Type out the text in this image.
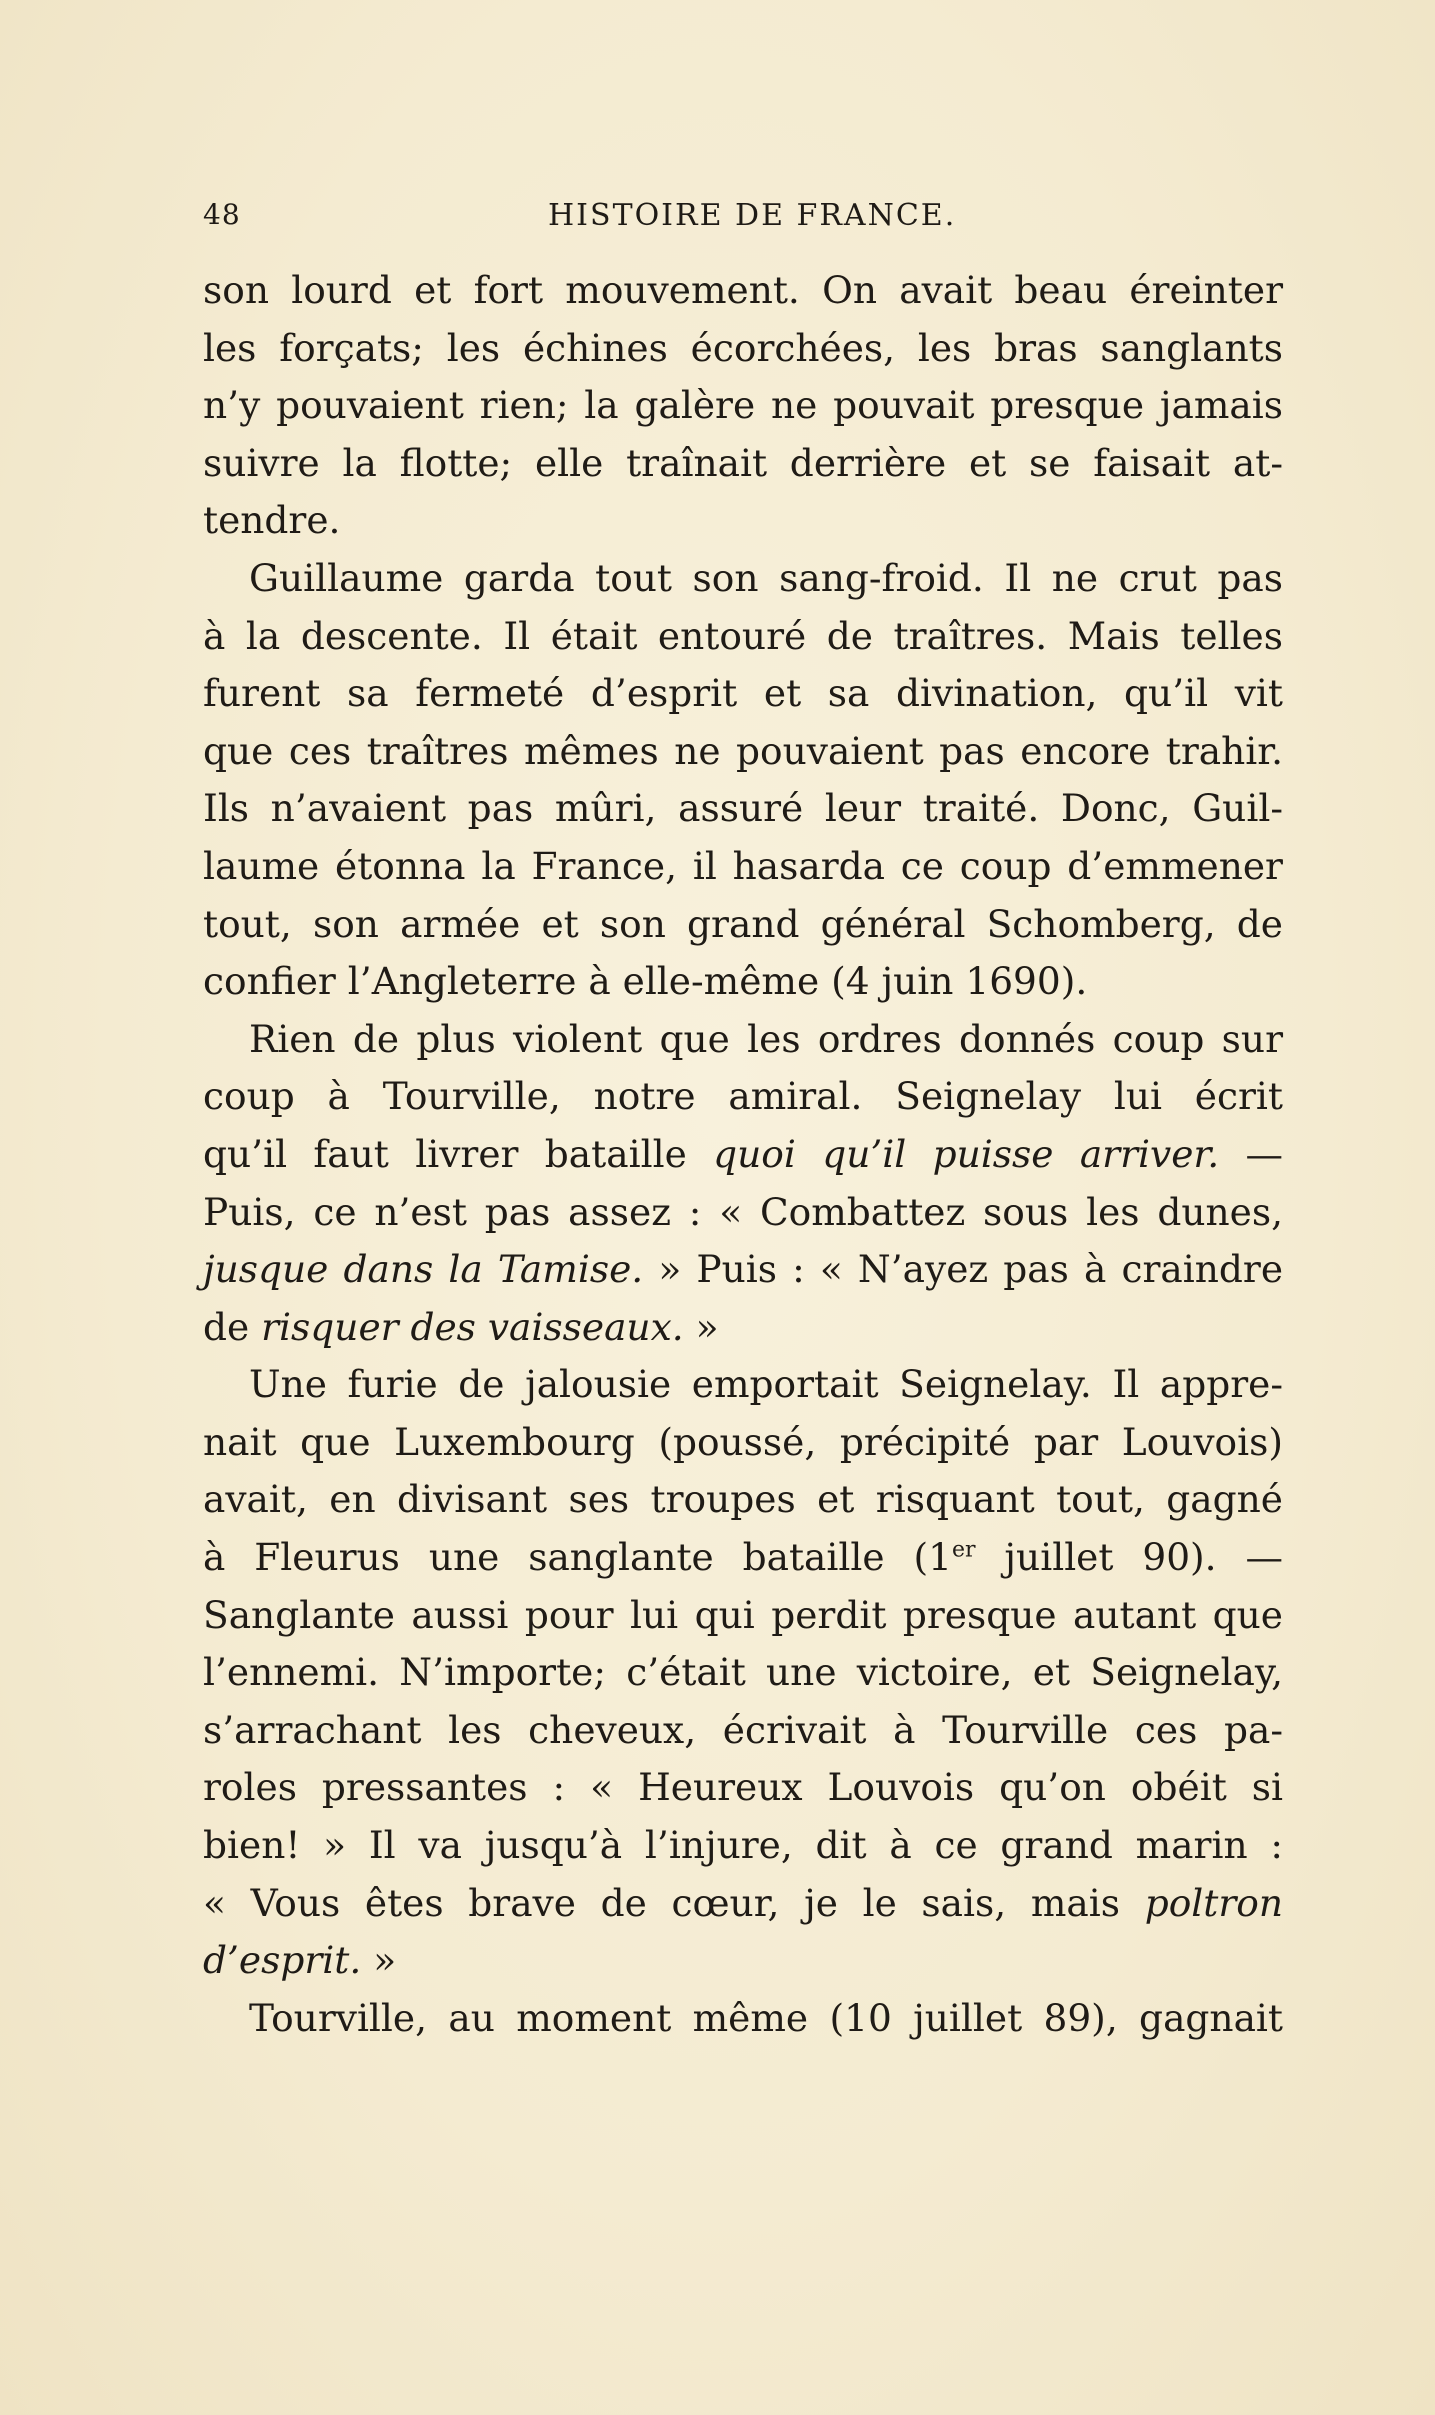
48	HISTOIRE DE FRANCE.
son lourd et fort mouvement. On avait beau éreinter
les forçats; les échines écorchées, les bras sanglants
n’y pouvaient rien; la galère ne pouvait presque jamais
suivre la flotte; elle traînait derrière et se faisait at-
tendre.
Guillaume garda tout son sang-froid. Il ne crut pas
à la descente. Il était entouré de traîtres. Mais telles
furent sa fermeté d’esprit et sa divination, qu’il vit
que ces traîtres mêmes ne pouvaient pas encore trahir.
Ils n’avaient pas mûri, assuré leur traité. Donc, Guil-
laume étonna la France, il hasarda ce coup d’emmener
tout, son armée et son grand général Schomberg, de
confier l’Angleterre à elle-même (4 juin 1690).
Rien de plus violent que les ordres donnés coup sur
coup à Tourville, notre amiral. Seignelay lui écrit
qu’il faut livrer bataille quoi qu’il puisse arriver. —
Puis, ce n’est pas assez : « Combattez sous les dunes,
jusque dans la Tamise. » Puis : « N’ayez pas à craindre
de risquer des vaisseaux. »
Une furie de jalousie emportait Seignelay. Il appre-
nait que Luxembourg (poussé, précipité par Louvois)
avait, en divisant ses troupes et risquant tout, gagné
à Fleurus une sanglante bataille (1er juillet 90). —
Sanglante aussi pour lui qui perdit presque autant que
l’ennemi. N’importe; c’était une victoire, et Seignelay,
s’arrachant les cheveux, écrivait à Tourville ces pa-
roles pressantes : « Heureux Louvois qu’on obéit si
bien! » Il va jusqu’à l’injure, dit à ce grand marin :
« Vous êtes brave de cœur, je le sais, mais poltron
d’esprit. »
Tourville, au moment même (10 juillet 89), gagnait
